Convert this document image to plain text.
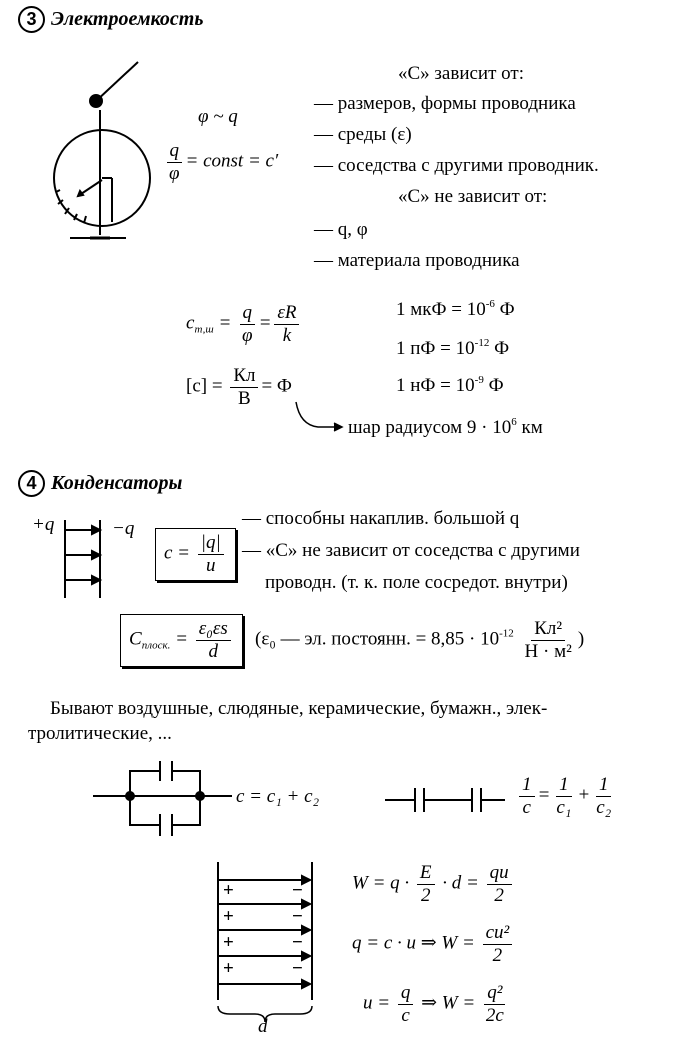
3 Электроемкость
φ ~ q
$\frac{q}{\varphi}$ = const = c′
«С» зависит от:
— размеров, формы проводника
— среды (ε)
— соседства с другими проводник.
«С» не зависит от:
— q, φ
— материала проводника
$c_{т,ш} = \frac{q}{\varphi} = \frac{\varepsilon R}{k}$
$[c] = \frac{Кл}{В} = Ф$
1 мкФ = $10^{-6}$ Ф
1 пФ = $10^{-12}$ Ф
1 нФ = $10^{-9}$ Ф
шар радиусом $9 \cdot 10^6$ км
4 Конденсаторы
+q	−q
$c = \frac{|q|}{u}$
— способны накаплив. большой q
— «С» не зависит от соседства с другими
проводн. (т. к. поле сосредот. внутри)
$C_{плоск.} = \frac{\text{ε₀εs}}{d} (\varepsilon_0$ — эл. постоянн. = $8,85 \cdot 10^{-12} \frac{\text{Кл²}}{\text{Н · м²}}$ )
Бывают воздушные, слюдяные, керамические, бумажн., элек-
тролитические, ...
c = c₁ + c₂	$\frac{1}{c} = \frac{1}{\text{c₁}} + \frac{1}{\text{c₂}}$
+
+
+
+
−
−
−
−
d
$W = q \cdot \frac{E}{2} \cdot d = \frac{qu}{2}$
q = c · u ⇒ $W = \frac{\text{cu²}}{2}$
$u = \frac{q}{c}$ ⇒ $W = \frac{\text{q²}}{2c}$
